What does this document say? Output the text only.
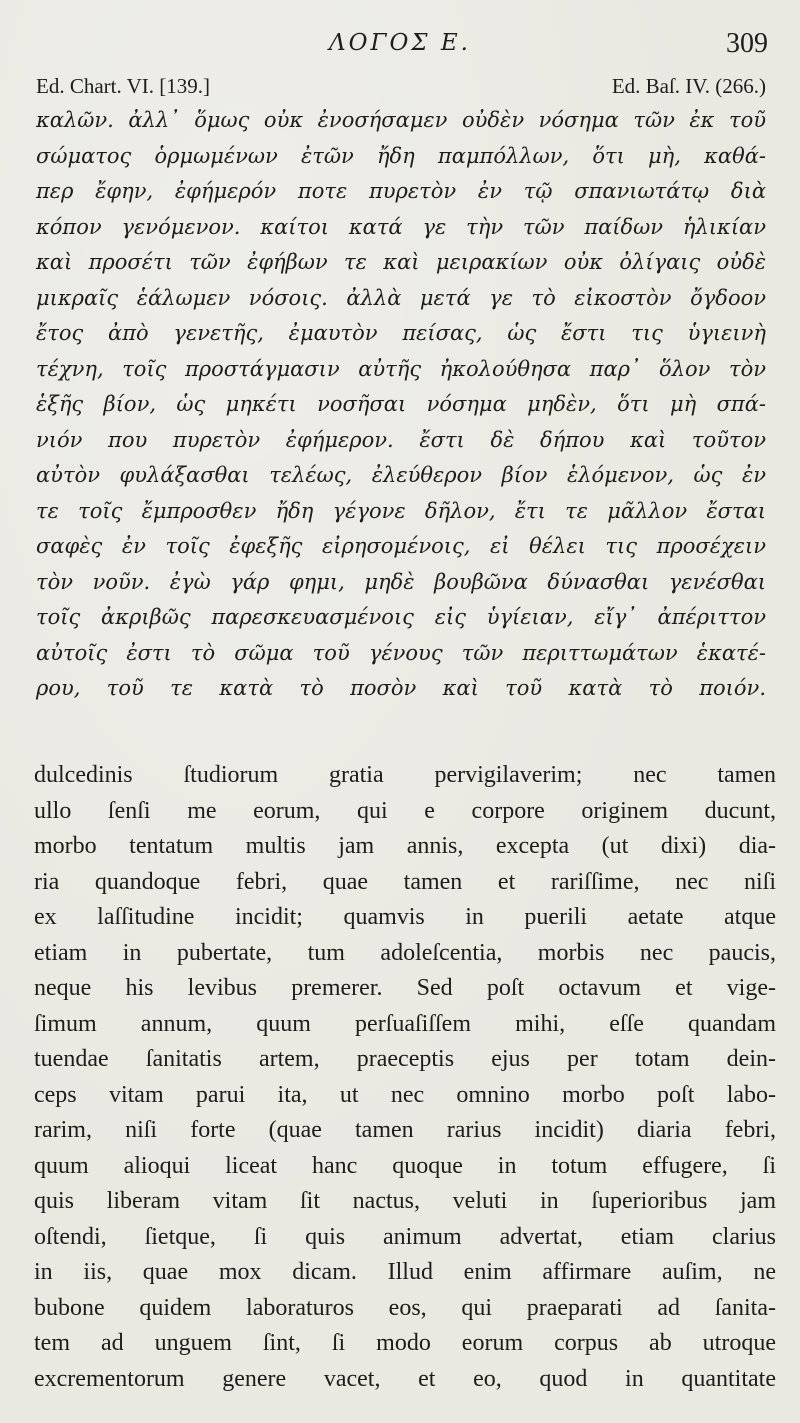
ΛΟΓΟΣ Ε.	309
Ed. Chart. VI. [139.]	Ed. Baſ. IV. (266.)
καλῶν. ἀλλ᾽ ὅμως οὐκ ἐνοσήσαμεν οὐδὲν νόσημα τῶν ἐκ τοῦ
σώματος ὁρμωμένων ἐτῶν ἤδη παμπόλλων, ὅτι μὴ, καθά-
περ ἔφην, ἐφήμερόν ποτε πυρετὸν ἐν τῷ σπανιωτάτῳ διὰ
κόπον γενόμενον. καίτοι κατά γε τὴν τῶν παίδων ἡλικίαν
καὶ προσέτι τῶν ἐφήβων τε καὶ μειρακίων οὐκ ὀλίγαις οὐδὲ
μικραῖς ἑάλωμεν νόσοις. ἀλλὰ μετά γε τὸ εἰκοστὸν ὄγδοον
ἔτος ἀπὸ γενετῆς, ἐμαυτὸν πείσας, ὡς ἔστι τις ὑγιεινὴ
τέχνη, τοῖς προστάγμασιν αὐτῆς ἠκολούθησα παρ᾽ ὅλον τὸν
ἑξῆς βίον, ὡς μηκέτι νοσῆσαι νόσημα μηδὲν, ὅτι μὴ σπά-
νιόν που πυρετὸν ἐφήμερον. ἔστι δὲ δήπου καὶ τοῦτον
αὐτὸν φυλάξασθαι τελέως, ἐλεύθερον βίον ἑλόμενον, ὡς ἐν
τε τοῖς ἔμπροσθεν ἤδη γέγονε δῆλον, ἔτι τε μᾶλλον ἔσται
σαφὲς ἐν τοῖς ἐφεξῆς εἰρησομένοις, εἰ θέλει τις προσέχειν
τὸν νοῦν. ἐγὼ γάρ φημι, μηδὲ βουβῶνα δύνασθαι γενέσθαι
τοῖς ἀκριβῶς παρεσκευασμένοις εἰς ὑγίειαν, εἴγ᾽ ἀπέριττον
αὐτοῖς ἐστι τὸ σῶμα τοῦ γένους τῶν περιττωμάτων ἑκατέ-
ρου, τοῦ τε κατὰ τὸ ποσὸν καὶ τοῦ κατὰ τὸ ποιόν.
dulcedinis ſtudiorum gratia pervigilaverim; nec tamen
ullo ſenſi me eorum, qui e corpore originem ducunt,
morbo tentatum multis jam annis, excepta (ut dixi) dia-
ria quandoque febri, quae tamen et rariſſime, nec niſi
ex laſſitudine incidit; quamvis in puerili aetate atque
etiam in pubertate, tum adoleſcentia, morbis nec paucis,
neque his levibus premerer. Sed poſt octavum et vige-
ſimum annum, quum perſuaſiſſem mihi, eſſe quandam
tuendae ſanitatis artem, praeceptis ejus per totam dein-
ceps vitam parui ita, ut nec omnino morbo poſt labo-
rarim, niſi forte (quae tamen rarius incidit) diaria febri,
quum alioqui liceat hanc quoque in totum effugere, ſi
quis liberam vitam ſit nactus, veluti in ſuperioribus jam
oſtendi, ſietque, ſi quis animum advertat, etiam clarius
in iis, quae mox dicam. Illud enim affirmare auſim, ne
bubone quidem laboraturos eos, qui praeparati ad ſanita-
tem ad unguem ſint, ſi modo eorum corpus ab utroque
excrementorum genere vacet, et eo, quod in quantitate
